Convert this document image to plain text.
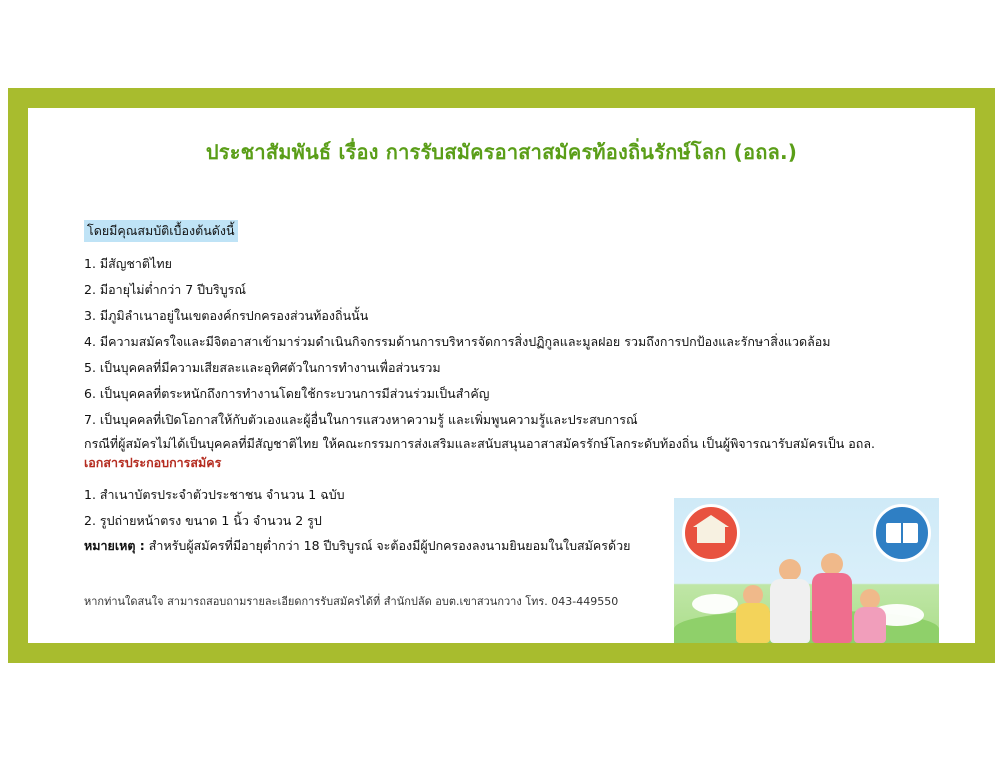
ประชาสัมพันธ์ เรื่อง การรับสมัครอาสาสมัครท้องถิ่นรักษ์โลก (อถล.)
โดยมีคุณสมบัติเบื้องต้นดังนี้
1. มีสัญชาติไทย
2. มีอายุไม่ต่ำกว่า 7 ปีบริบูรณ์
3. มีภูมิลำเนาอยู่ในเขตองค์กรปกครองส่วนท้องถิ่นนั้น
4. มีความสมัครใจและมีจิตอาสาเข้ามาร่วมดำเนินกิจกรรมด้านการบริหารจัดการสิ่งปฏิกูลและมูลฝอย รวมถึงการปกป้องและรักษาสิ่งแวดล้อม
5. เป็นบุคคลที่มีความเสียสละและอุทิศตัวในการทำงานเพื่อส่วนรวม
6. เป็นบุคคลที่ตระหนักถึงการทำงานโดยใช้กระบวนการมีส่วนร่วมเป็นสำคัญ
7. เป็นบุคคลที่เปิดโอกาสให้กับตัวเองและผู้อื่นในการแสวงหาความรู้ และเพิ่มพูนความรู้และประสบการณ์
กรณีที่ผู้สมัครไม่ได้เป็นบุคคลที่มีสัญชาติไทย ให้คณะกรรมการส่งเสริมและสนับสนุนอาสาสมัครรักษ์โลกระดับท้องถิ่น เป็นผู้พิจารณารับสมัครเป็น อถล.
เอกสารประกอบการสมัคร
1. สำเนาบัตรประจำตัวประชาชน จำนวน 1 ฉบับ
2. รูปถ่ายหน้าตรง ขนาด 1 นิ้ว จำนวน 2 รูป
หมายเหตุ : สำหรับผู้สมัครที่มีอายุต่ำกว่า 18 ปีบริบูรณ์ จะต้องมีผู้ปกครองลงนามยินยอมในใบสมัครด้วย
หากท่านใดสนใจ สามารถสอบถามรายละเอียดการรับสมัครได้ที่ สำนักปลัด อบต.เขาสวนกวาง โทร. 043-449550
